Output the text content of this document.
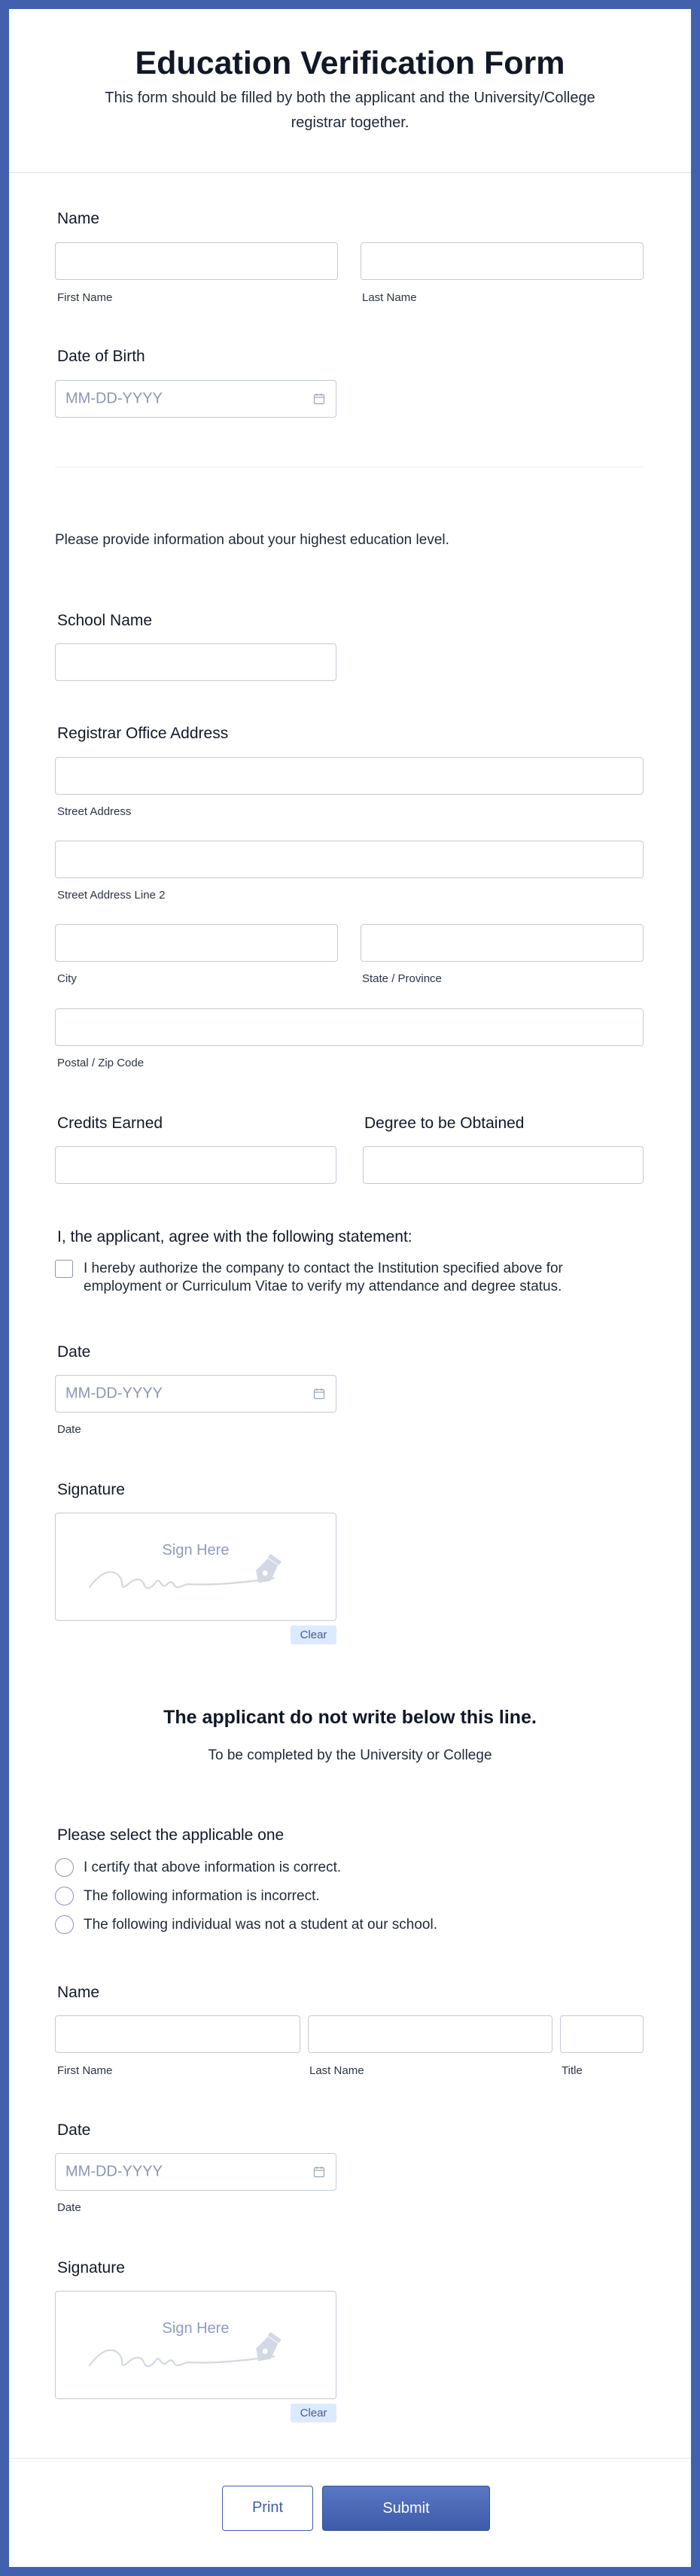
Education Verification Form
This form should be filled by both the applicant and the University/College registrar together.
Name
First Name	Last Name
Date of Birth
MM-DD-YYYY
Please provide information about your highest education level.
School Name
Registrar Office Address
Street Address
Street Address Line 2
City	State / Province
Postal / Zip Code
Credits Earned	Degree to be Obtained
I, the applicant, agree with the following statement:
I hereby authorize the company to contact the Institution specified above for employment or Curriculum Vitae to verify my attendance and degree status.
Date
MM-DD-YYYY
Date
Signature
Sign Here
Clear
The applicant do not write below this line.
To be completed by the University or College
Please select the applicable one
I certify that above information is correct.
The following information is incorrect.
The following individual was not a student at our school.
Name
First Name	Last Name	Title
Date
MM-DD-YYYY
Date
Signature
Sign Here
Clear
Print	Submit
